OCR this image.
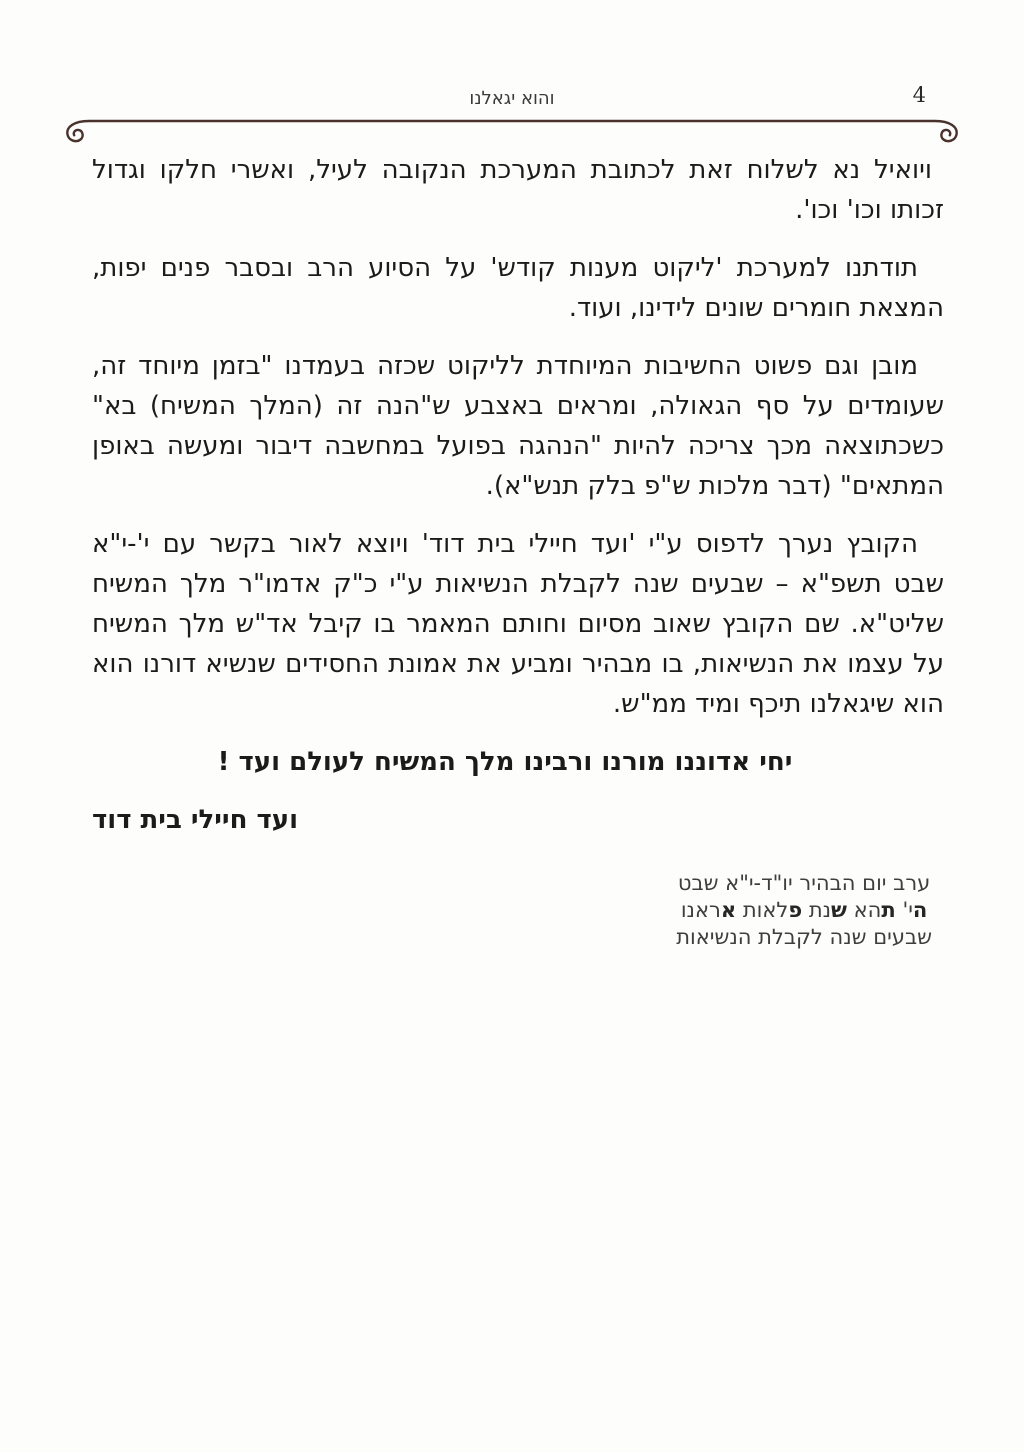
והוא יגאלנו	4

ויואיל נא לשלוח זאת לכתובת המערכת הנקובה לעיל, ואשרי חלקו וגדול זכותו וכו' וכו'.

תודתנו למערכת 'ליקוט מענות קודש' על הסיוע הרב ובסבר פנים יפות, המצאת חומרים שונים לידינו, ועוד.

מובן וגם פשוט החשיבות המיוחדת לליקוט שכזה בעמדנו "בזמן מיוחד זה, שעומדים על סף הגאולה, ומראים באצבע ש"הנה זה (המלך המשיח) בא" כשכתוצאה מכך צריכה להיות "הנהגה בפועל במחשבה דיבור ומעשה באופן המתאים" (דבר מלכות ש"פ בלק תנש"א).

הקובץ נערך לדפוס ע"י 'ועד חיילי בית דוד' ויוצא לאור בקשר עם י'-י"א שבט תשפ"א – שבעים שנה לקבלת הנשיאות ע"י כ"ק אדמו"ר מלך המשיח שליט"א. שם הקובץ שאוב מסיום וחותם המאמר בו קיבל אד"ש מלך המשיח על עצמו את הנשיאות, בו מבהיר ומביע את אמונת החסידים שנשיא דורנו הוא הוא שיגאלנו תיכף ומיד ממ"ש.

יחי אדוננו מורנו ורבינו מלך המשיח לעולם ועד !

ועד חיילי בית דוד

ערב יום הבהיר יו"ד-י"א שבט

הי' תהא שנת פלאות אראנו

שבעים שנה לקבלת הנשיאות
